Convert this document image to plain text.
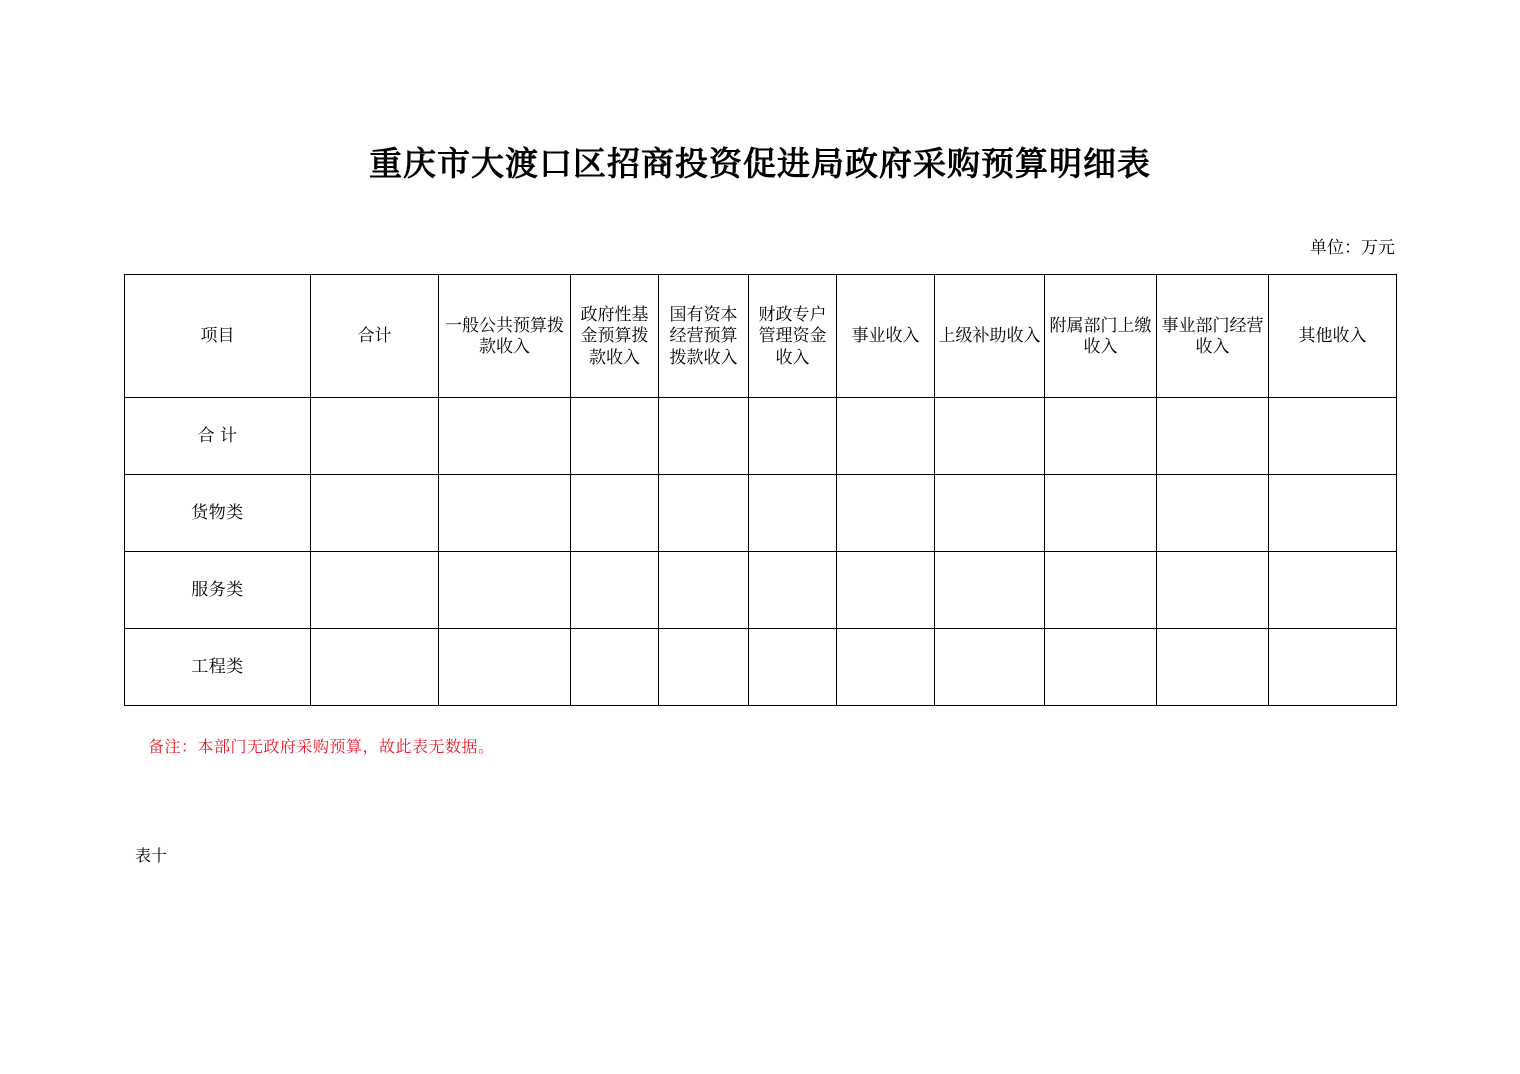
重庆市大渡口区招商投资促进局政府采购预算明细表
单位：万元
项目	合计	一般公共预算拨款收入	政府性基金预算拨款收入	国有资本经营预算拨款收入	财政专户管理资金收入	事业收入	上级补助收入	附属部门上缴收入	事业部门经营收入	其他收入
合 计										
货物类										
服务类										
工程类										
备注：本部门无政府采购预算，故此表无数据。
表十
